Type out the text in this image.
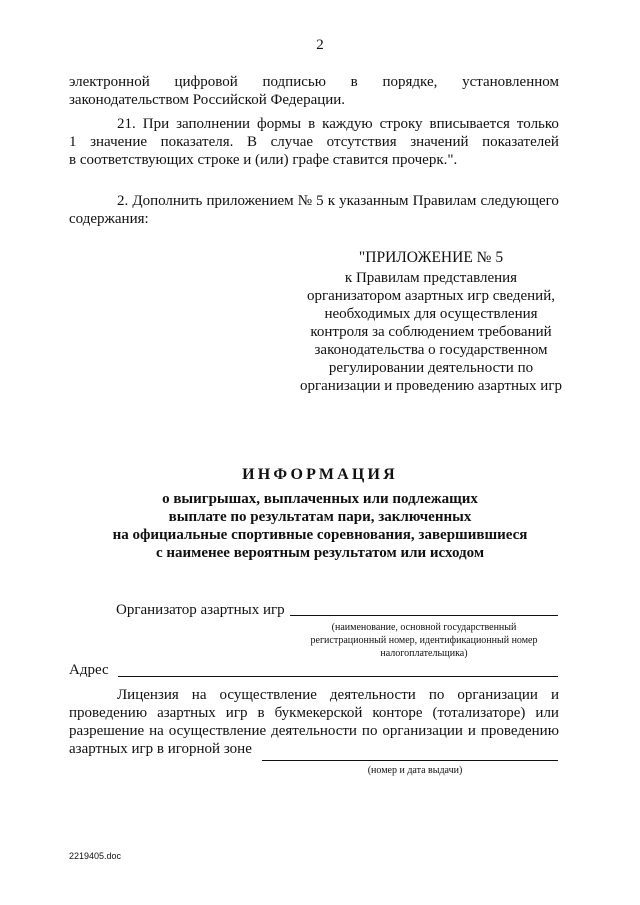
2
электронной цифровой подписью в порядке, установленном
законодательством Российской Федерации.
21. При заполнении формы в каждую строку вписывается только
1 значение показателя. В случае отсутствия значений показателей
в соответствующих строке и (или) графе ставится прочерк.".
2. Дополнить приложением № 5 к указанным Правилам следующего
содержания:
"ПРИЛОЖЕНИЕ № 5
к Правилам представления
организатором азартных игр сведений,
необходимых для осуществления
контроля за соблюдением требований
законодательства о государственном
регулировании деятельности по
организации и проведению азартных игр
ИНФОРМАЦИЯ
о выигрышах, выплаченных или подлежащих
выплате по результатам пари, заключенных
на официальные спортивные соревнования, завершившиеся
с наименее вероятным результатом или исходом
Организатор азартных игр
(наименование, основной государственный
регистрационный номер, идентификационный номер
налогоплательщика)
Адрес
Лицензия на осуществление деятельности по организации и
проведению азартных игр в букмекерской конторе (тотализаторе) или
разрешение на осуществление деятельности по организации и проведению
азартных игр в игорной зоне
(номер и дата выдачи)
2219405.doc
